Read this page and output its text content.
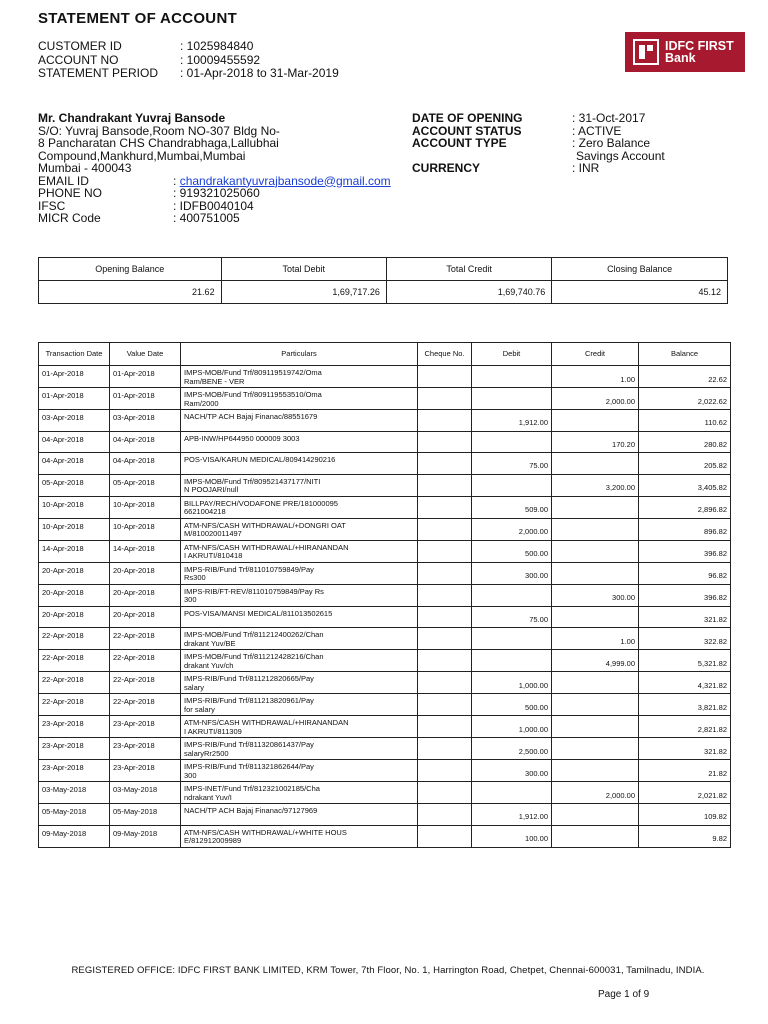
STATEMENT OF ACCOUNT
CUSTOMER ID	: 1025984840
ACCOUNT NO	: 10009455592
STATEMENT PERIOD	: 01-Apr-2018 to 31-Mar-2019
IDFC FIRST
Bank
Mr. Chandrakant Yuvraj Bansode
S/O: Yuvraj Bansode,Room NO-307 Bldg No-
8 Pancharatan CHS Chandrabhaga,Lallubhai
Compound,Mankhurd,Mumbai,Mumbai
Mumbai - 400043
EMAIL ID	:
chandrakantyuvrajbansode@gmail.com
PHONE NO	: 919321025060
IFSC	: IDFB0040104
MICR Code	: 400751005
DATE OF OPENING	: 31-Oct-2017
ACCOUNT STATUS	: ACTIVE
ACCOUNT TYPE	: Zero Balance
Savings Account
CURRENCY	: INR
Opening Balance	Total Debit	Total Credit	Closing Balance
21.62	1,69,717.26	1,69,740.76	45.12
Transaction Date	Value Date	Particulars	Cheque No.	Debit	Credit	Balance
01-Apr-2018	01-Apr-2018	IMPS-MOB/Fund Trf/809119519742/Oma
Ram/BENE - VER			1.00	22.62
01-Apr-2018	01-Apr-2018	IMPS-MOB/Fund Trf/809119553510/Oma
Ram/2000			2,000.00	2,022.62
03-Apr-2018	03-Apr-2018	NACH/TP ACH Bajaj Finanac/88551679		1,912.00		110.62
04-Apr-2018	04-Apr-2018	APB-INW/HP644950 000009 3003			170.20	280.82
04-Apr-2018	04-Apr-2018	POS-VISA/KARUN MEDICAL/809414290216		75.00		205.82
05-Apr-2018	05-Apr-2018	IMPS-MOB/Fund Trf/809521437177/NITI
N POOJARI/null			3,200.00	3,405.82
10-Apr-2018	10-Apr-2018	BILLPAY/RECH/VODAFONE PRE/181000095
6621004218		509.00		2,896.82
10-Apr-2018	10-Apr-2018	ATM-NFS/CASH WITHDRAWAL/+DONGRI OAT
M/810020011497		2,000.00		896.82
14-Apr-2018	14-Apr-2018	ATM-NFS/CASH WITHDRAWAL/+HIRANANDAN
I AKRUTI/810418		500.00		396.82
20-Apr-2018	20-Apr-2018	IMPS-RIB/Fund Trf/811010759849/Pay
Rs300		300.00		96.82
20-Apr-2018	20-Apr-2018	IMPS-RIB/FT-REV/811010759849/Pay Rs
300			300.00	396.82
20-Apr-2018	20-Apr-2018	POS-VISA/MANSI MEDICAL/811013502615		75.00		321.82
22-Apr-2018	22-Apr-2018	IMPS-MOB/Fund Trf/811212400262/Chan
drakant Yuv/BE			1.00	322.82
22-Apr-2018	22-Apr-2018	IMPS-MOB/Fund Trf/811212428216/Chan
drakant Yuv/ch			4,999.00	5,321.82
22-Apr-2018	22-Apr-2018	IMPS-RIB/Fund Trf/811212820665/Pay
salary		1,000.00		4,321.82
22-Apr-2018	22-Apr-2018	IMPS-RIB/Fund Trf/811213820961/Pay
for salary		500.00		3,821.82
23-Apr-2018	23-Apr-2018	ATM-NFS/CASH WITHDRAWAL/+HIRANANDAN
I AKRUTI/811309		1,000.00		2,821.82
23-Apr-2018	23-Apr-2018	IMPS-RIB/Fund Trf/811320861437/Pay
salaryRr2500		2,500.00		321.82
23-Apr-2018	23-Apr-2018	IMPS-RIB/Fund Trf/811321862644/Pay
300		300.00		21.82
03-May-2018	03-May-2018	IMPS-INET/Fund Trf/812321002185/Cha
ndrakant Yuv/I			2,000.00	2,021.82
05-May-2018	05-May-2018	NACH/TP ACH Bajaj Finanac/97127969		1,912.00		109.82
09-May-2018	09-May-2018	ATM-NFS/CASH WITHDRAWAL/+WHITE HOUS
E/812912009989		100.00		9.82
REGISTERED OFFICE: IDFC FIRST BANK LIMITED, KRM Tower, 7th Floor, No. 1, Harrington Road, Chetpet, Chennai-600031, Tamilnadu, INDIA.
Page 1 of 9
